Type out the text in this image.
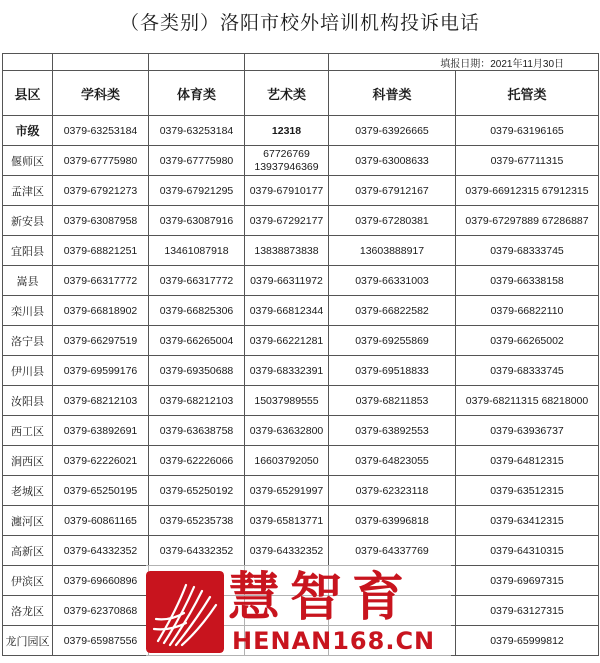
（各类别）洛阳市校外培训机构投诉电话
				填报日期：2021年11月30日	
县区	学科类	体育类	艺术类	科普类	托管类
市级	0379-63253184	0379-63253184	12318	0379-63926665	0379-63196165
偃师区	0379-67775980	0379-67775980	67726769 13937946369	0379-63008633	0379-67711315
孟津区	0379-67921273	0379-67921295	0379-67910177	0379-67912167	0379-66912315 67912315
新安县	0379-63087958	0379-63087916	0379-67292177	0379-67280381	0379-67297889 67286887
宜阳县	0379-68821251	13461087918	13838873838	13603888917	0379-68333745
嵩县	0379-66317772	0379-66317772	0379-66311972	0379-66331003	0379-66338158
栾川县	0379-66818902	0379-66825306	0379-66812344	0379-66822582	0379-66822110
洛宁县	0379-66297519	0379-66265004	0379-66221281	0379-69255869	0379-66265002
伊川县	0379-69599176	0379-69350688	0379-68332391	0379-69518833	0379-68333745
汝阳县	0379-68212103	0379-68212103	15037989555	0379-68211853	0379-68211315 68218000
西工区	0379-63892691	0379-63638758	0379-63632800	0379-63892553	0379-63936737
涧西区	0379-62226021	0379-62226066	16603792050	0379-64823055	0379-64812315
老城区	0379-65250195	0379-65250192	0379-65291997	0379-62323118	0379-63512315
瀍河区	0379-60861165	0379-65235738	0379-65813771	0379-63996818	0379-63412315
高新区	0379-64332352	0379-64332352	0379-64332352	0379-64337769	0379-64310315
伊滨区	0379-69660896				0379-69697315
洛龙区	0379-62370868				0379-63127315
龙门园区	0379-65987556				0379-65999812
慧智育
HENAN168.CN
